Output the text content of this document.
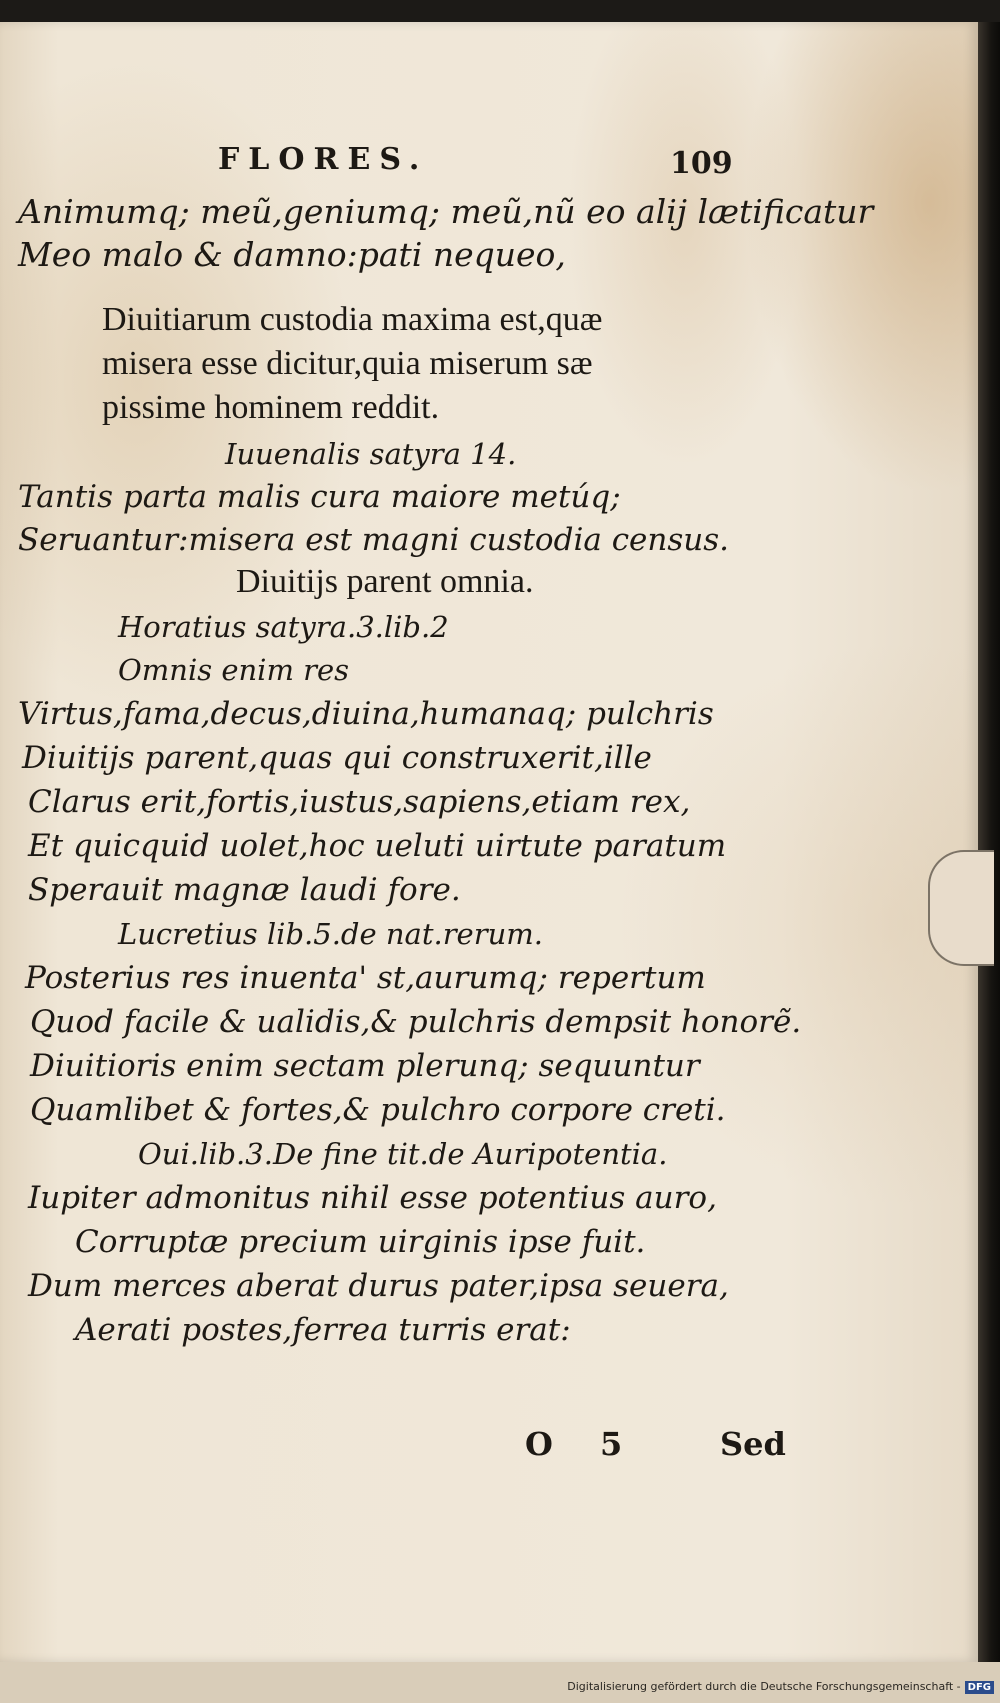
FLORES.	109
Animumq; meũ,geniumq; meũ,nũ eo alij lætificatur
Meo malo & damno:pati nequeo,
Diuitiarum custodia maxima est,quæ
misera esse dicitur,quia miserum sæ
pissime hominem reddit.
Iuuenalis satyra 14.
Tantis parta malis cura maiore metúq;
Seruantur:misera est magni custodia census.
Diuitijs parent omnia.
Horatius satyra.3.lib.2
Omnis enim res
Virtus,fama,decus,diuina,humanaq; pulchris
Diuitijs parent,quas qui construxerit,ille
Clarus erit,fortis,iustus,sapiens,etiam rex,
Et quicquid uolet,hoc ueluti uirtute paratum
Sperauit magnæ laudi fore.
Lucretius lib.5.de nat.rerum.
Posterius res inuenta' st,aurumq; repertum
Quod facile & ualidis,& pulchris dempsit honorẽ.
Diuitioris enim sectam plerunq; sequuntur
Quamlibet & fortes,& pulchro corpore creti.
Oui.lib.3.De fine tit.de Auripotentia.
Iupiter admonitus nihil esse potentius auro,
Corruptæ precium uirginis ipse fuit.
Dum merces aberat durus pater,ipsa seuera,
Aerati postes,ferrea turris erat:
O 5 Sed
Digitalisierung gefördert durch die Deutsche Forschungsgemeinschaft - DFG
